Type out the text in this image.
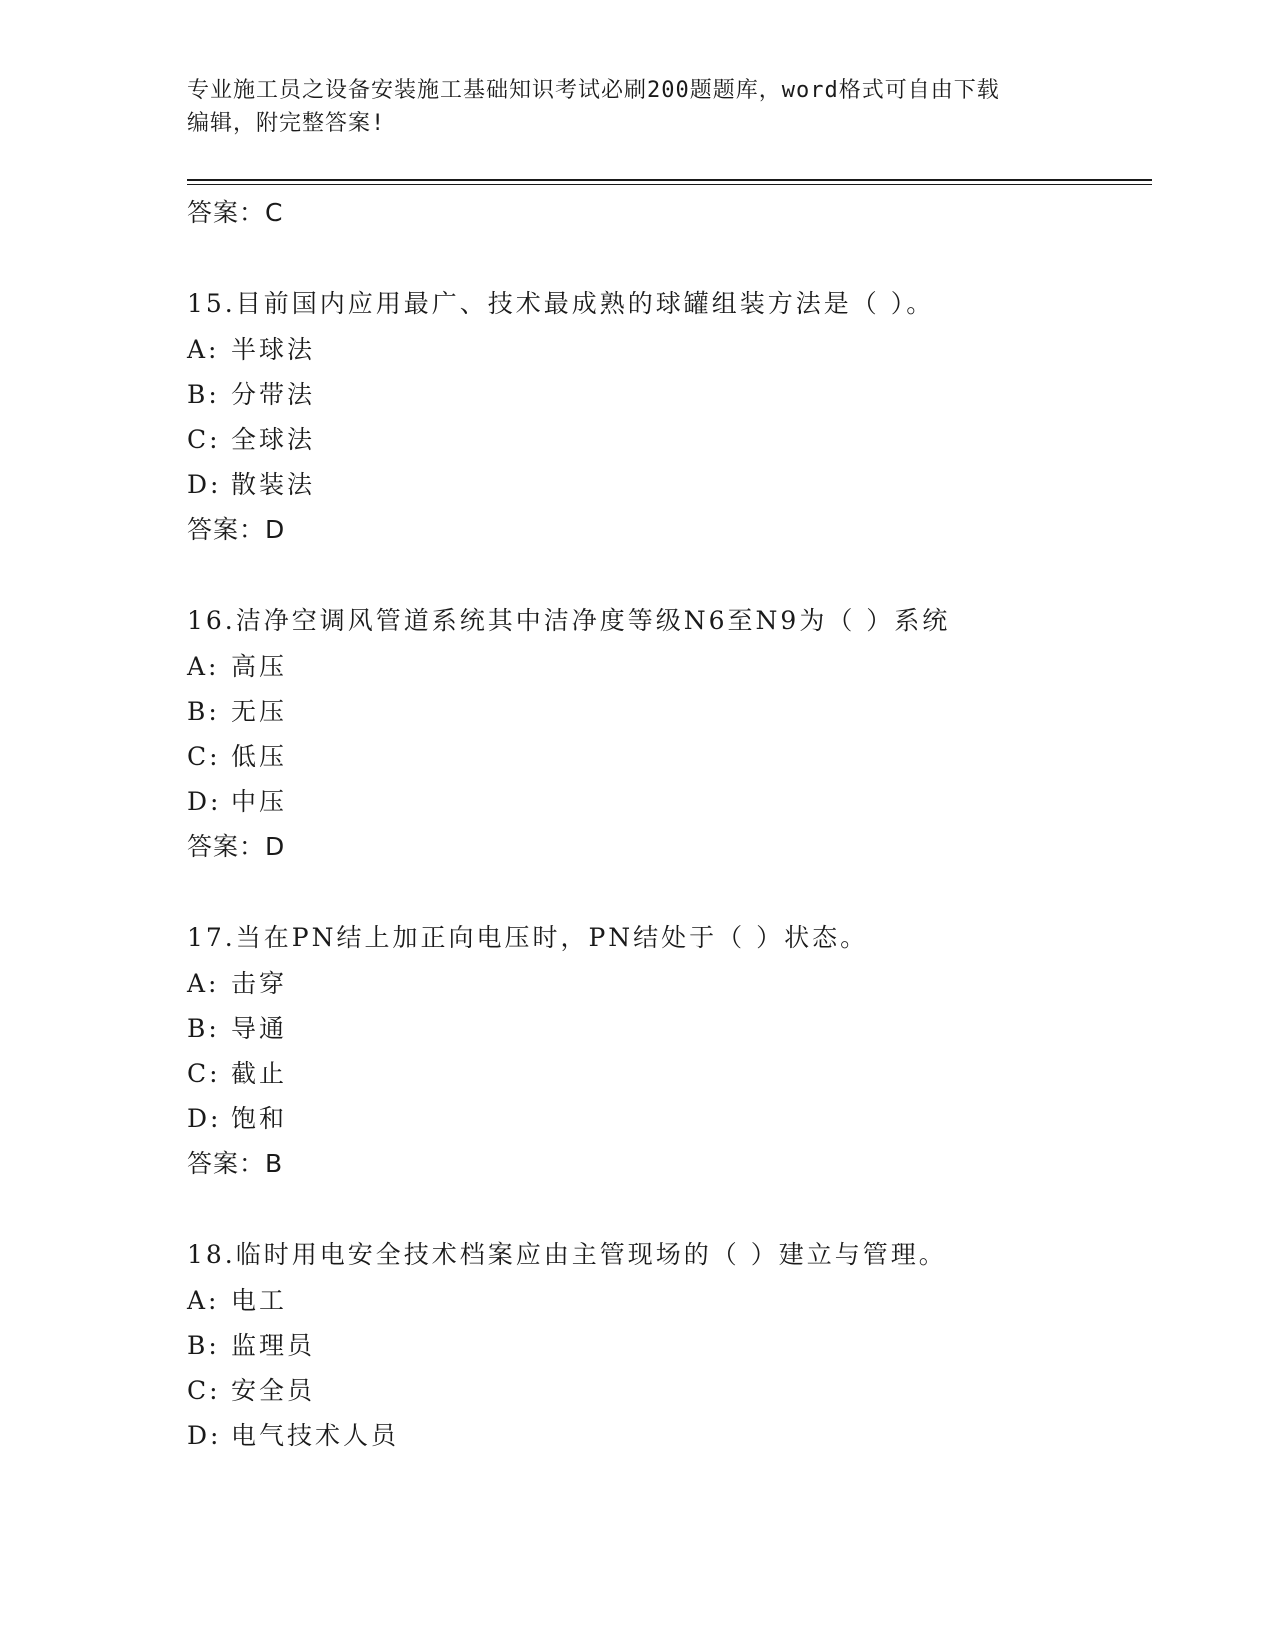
专业施工员之设备安装施工基础知识考试必刷200题题库，word格式可自由下载
编辑，附完整答案!
答案：C
15.目前国内应用最广、技术最成熟的球罐组装方法是（ ）。
A: 半球法
B: 分带法
C: 全球法
D: 散装法
答案：D
16.洁净空调风管道系统其中洁净度等级N6至N9为（ ）系统
A: 高压
B: 无压
C: 低压
D: 中压
答案：D
17.当在PN结上加正向电压时，PN结处于（ ）状态。
A: 击穿
B: 导通
C: 截止
D: 饱和
答案：B
18.临时用电安全技术档案应由主管现场的（ ）建立与管理。
A: 电工
B: 监理员
C: 安全员
D: 电气技术人员
